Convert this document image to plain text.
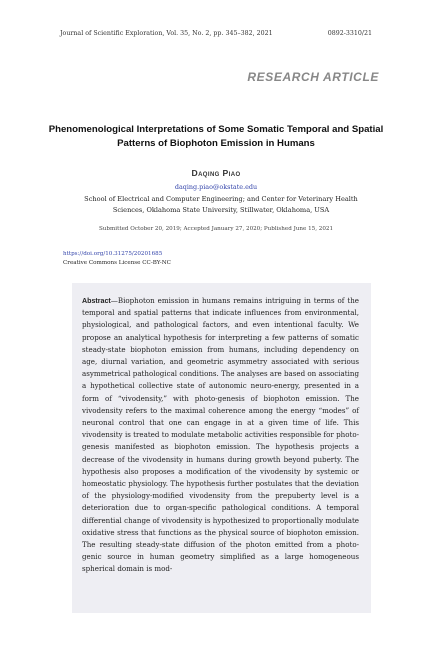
Journal of Scientific Exploration, Vol. 35, No. 2, pp. 345–382, 2021	0892-3310/21
RESEARCH ARTICLE
Phenomenological Interpretations of Some Somatic Temporal and Spatial Patterns of Biophoton Emission in Humans
Daqing Piao
daqing.piao@okstate.edu
School of Electrical and Computer Engineering; and Center for Veterinary Health Sciences, Oklahoma State University, Stillwater, Oklahoma, USA
Submitted October 20, 2019; Accepted January 27, 2020; Published June 15, 2021
https://doi.org/10.31275/20201685
Creative Commons License CC-BY-NC
Abstract—Biophoton emission in humans remains intriguing in terms of the temporal and spatial patterns that indicate influences from environmental, physiological, and pathological factors, and even intentional faculty. We propose an analytical hypothesis for interpreting a few patterns of somatic steady-state biophoton emission from humans, including dependency on age, diurnal variation, and geometric asymmetry associated with serious asymmetrical pathological conditions. The analyses are based on associating a hypothetical collective state of autonomic neuro-energy, presented in a form of “vivodensity,” with photo-genesis of biophoton emission. The vivodensity refers to the maximal coherence among the energy “modes” of neuronal control that one can engage in at a given time of life. This vivodensity is treated to modulate metabolic activities responsible for photo-genesis manifested as biophoton emission. The hypothesis projects a decrease of the vivodensity in humans during growth beyond puberty. The hypothesis also proposes a modification of the vivodensity by systemic or homeostatic physiology. The hypothesis further postulates that the deviation of the physiology-modified vivodensity from the prepuberty level is a deterioration due to organ-specific pathological conditions. A temporal differential change of vivodensity is hypothesized to proportionally modulate oxidative stress that functions as the physical source of biophoton emission. The resulting steady-state diffusion of the photon emitted from a photo-genic source in human geometry simplified as a large homogeneous spherical domain is mod-
